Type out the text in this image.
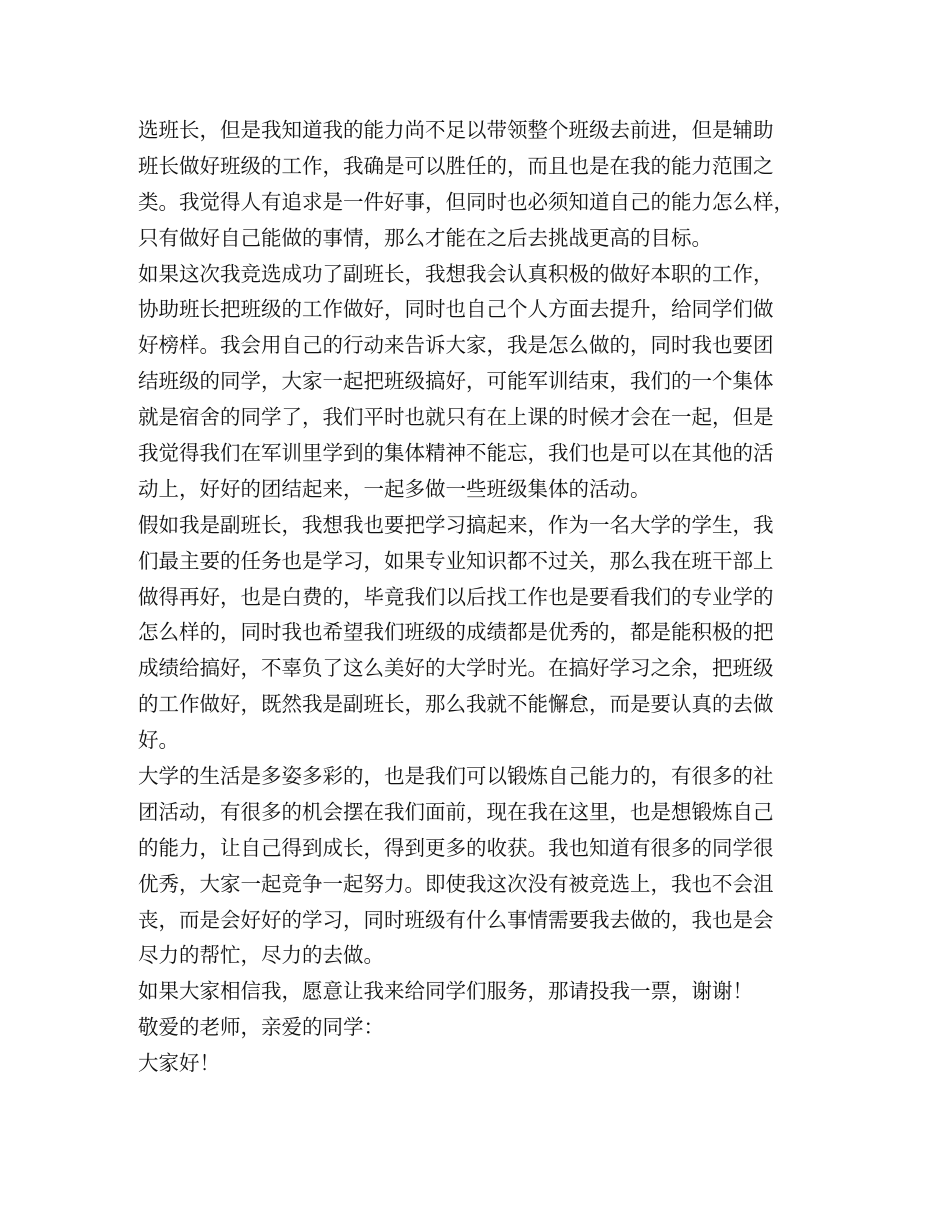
选班长，但是我知道我的能力尚不足以带领整个班级去前进，但是辅助
班长做好班级的工作，我确是可以胜任的，而且也是在我的能力范围之
类。我觉得人有追求是一件好事，但同时也必须知道自己的能力怎么样，
只有做好自己能做的事情，那么才能在之后去挑战更高的目标。
如果这次我竞选成功了副班长，我想我会认真积极的做好本职的工作，
协助班长把班级的工作做好，同时也自己个人方面去提升，给同学们做
好榜样。我会用自己的行动来告诉大家，我是怎么做的，同时我也要团
结班级的同学，大家一起把班级搞好，可能军训结束，我们的一个集体
就是宿舍的同学了，我们平时也就只有在上课的时候才会在一起，但是
我觉得我们在军训里学到的集体精神不能忘，我们也是可以在其他的活
动上，好好的团结起来，一起多做一些班级集体的活动。
假如我是副班长，我想我也要把学习搞起来，作为一名大学的学生，我
们最主要的任务也是学习，如果专业知识都不过关，那么我在班干部上
做得再好，也是白费的，毕竟我们以后找工作也是要看我们的专业学的
怎么样的，同时我也希望我们班级的成绩都是优秀的，都是能积极的把
成绩给搞好，不辜负了这么美好的大学时光。在搞好学习之余，把班级
的工作做好，既然我是副班长，那么我就不能懈怠，而是要认真的去做
好。
大学的生活是多姿多彩的，也是我们可以锻炼自己能力的，有很多的社
团活动，有很多的机会摆在我们面前，现在我在这里，也是想锻炼自己
的能力，让自己得到成长，得到更多的收获。我也知道有很多的同学很
优秀，大家一起竞争一起努力。即使我这次没有被竞选上，我也不会沮
丧，而是会好好的学习，同时班级有什么事情需要我去做的，我也是会
尽力的帮忙，尽力的去做。
如果大家相信我，愿意让我来给同学们服务，那请投我一票，谢谢！
敬爱的老师，亲爱的同学：
大家好！
